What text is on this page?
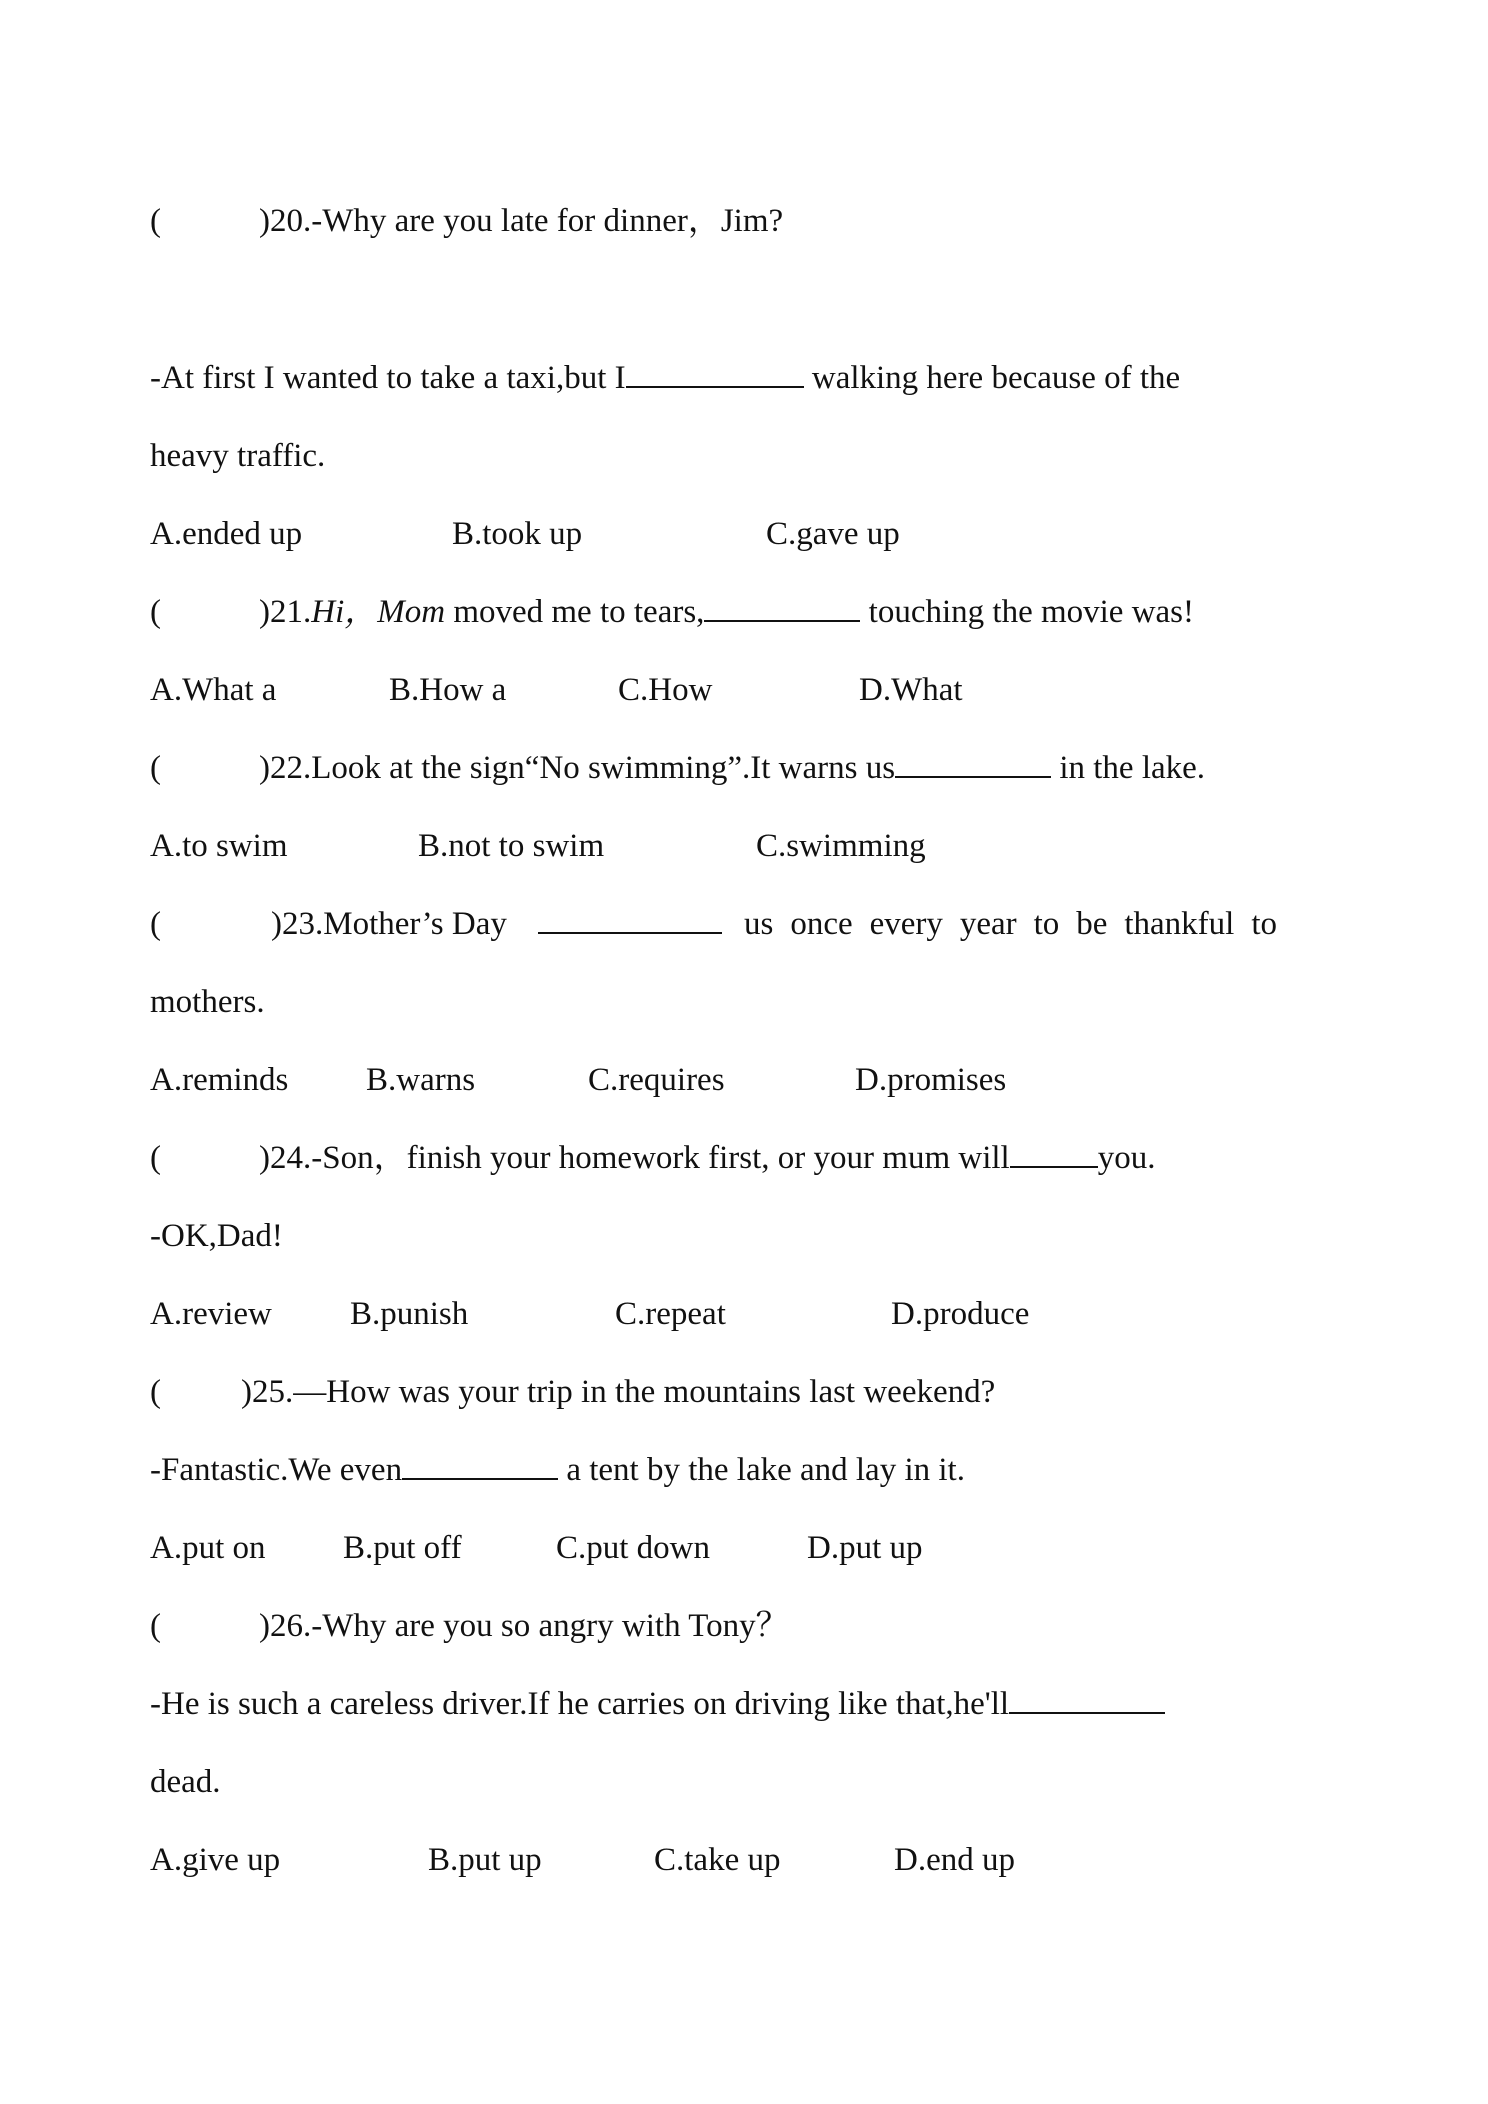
(	)20.-Why are you late for dinner，Jim?
-At first I wanted to take a taxi,but I	walking here because of the
heavy traffic.
A.ended up	B.took up	C.gave up
(	)21.Hi，Mom moved me to tears,	touching the movie was!
A.What a	B.How a	C.How	D.What
(	)22.Look at the sign“No swimming”.It warns us	in the lake.
A.to swim	B.not to swim	C.swimming
(	)23.Mother’s Day	us once every year to be thankful to
mothers.
A.reminds B.warns	C.requires	D.promises
(	)24.-Son，finish your homework first, or your mum will	you.
-OK,Dad!
A.review B.punish	C.repeat	D.produce
( )25.—How was your trip in the mountains last weekend?
-Fantastic.We even	a tent by the lake and lay in it.
A.put on B.put off	C.put down	D.put up
(	)26.-Why are you so angry with Tony？
-He is such a careless driver.If he carries on driving like that,he'll
dead.
A.give up	B.put up	C.take up	D.end up
